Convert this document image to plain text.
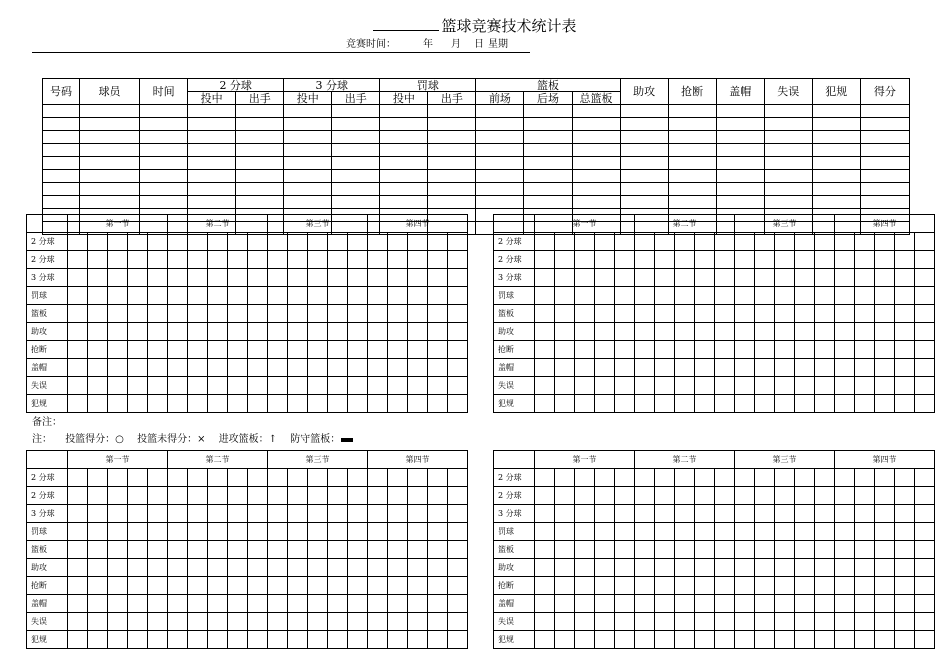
篮球竞赛技术统计表
竞赛时间：	年 月 日 星期
号码	球员	时间	2 分球		3 分球		罚球		篮板			助攻	抢断	盖帽	失误	犯规	得分
			投中	出手	投中	出手	投中	出手	前场	后场	总篮板						

	第一节					第二节					第三节					第四节				
2 分球																				
2 分球																				
3 分球																				
罚球																				
篮板																				
助攻																				
抢断																				
盖帽																				
失误																				
犯规																				
	第一节					第二节					第三节					第四节				
2 分球																				
2 分球																				
3 分球																				
罚球																				
篮板																				
助攻																				
抢断																				
盖帽																				
失误																				
犯规																				
备注：
注： 投篮得分：○ 投篮未得分：× 进攻篮板：↑ 防守篮板：
	第一节					第二节					第三节					第四节				
2 分球																				
2 分球																				
3 分球																				
罚球																				
篮板																				
助攻																				
抢断																				
盖帽																				
失误																				
犯规																				
	第一节					第二节					第三节					第四节				
2 分球																				
2 分球																				
3 分球																				
罚球																				
篮板																				
助攻																				
抢断																				
盖帽																				
失误																				
犯规																				
